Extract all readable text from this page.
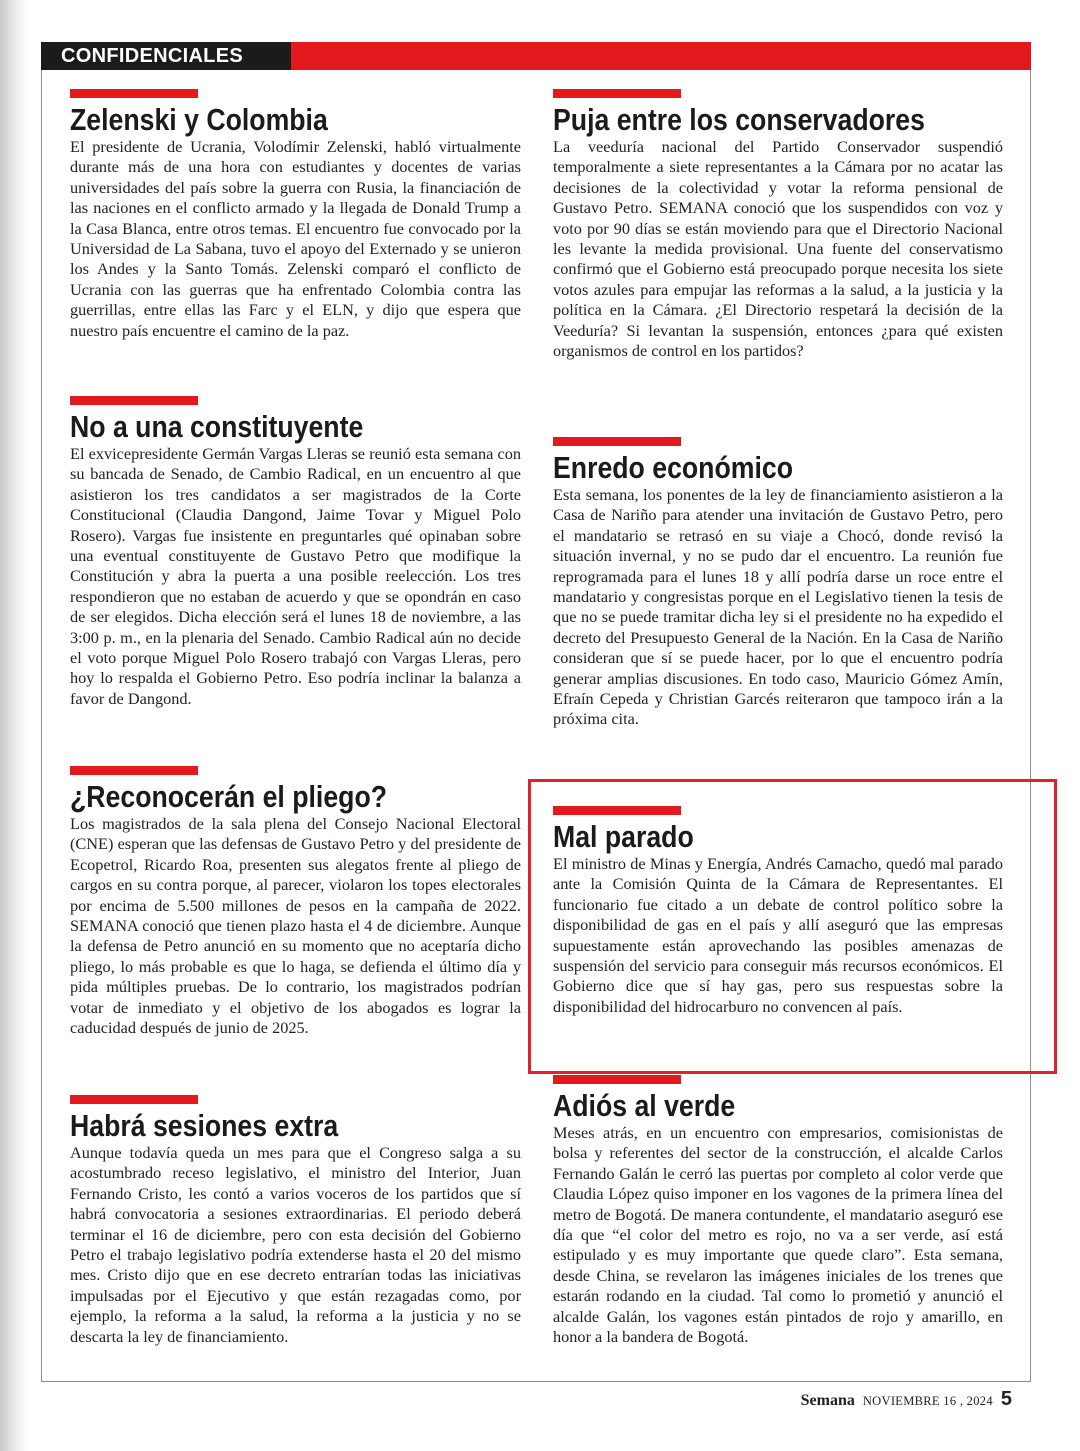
CONFIDENCIALES
Zelenski y Colombia

El presidente de Ucrania, Volodímir Zelenski, habló virtualmente durante más de una hora con estudiantes y docentes de varias universidades del país sobre la guerra con Rusia, la financiación de las naciones en el conflicto armado y la llegada de Donald Trump a la Casa Blanca, entre otros temas. El encuentro fue convocado por la Universidad de La Sabana, tuvo el apoyo del Externado y se unieron los Andes y la Santo Tomás. Zelenski comparó el conflicto de Ucrania con las guerras que ha enfrentado Colombia contra las guerrillas, entre ellas las Farc y el ELN, y dijo que espera que nuestro país encuentre el camino de la paz.

No a una constituyente

El exvicepresidente Germán Vargas Lleras se reunió esta semana con su bancada de Senado, de Cambio Radical, en un encuentro al que asistieron los tres candidatos a ser magistrados de la Corte Constitucional (Claudia Dangond, Jaime Tovar y Miguel Polo Rosero). Vargas fue insistente en preguntarles qué opinaban sobre una eventual constituyente de Gustavo Petro que modifique la Constitución y abra la puerta a una posible reelección. Los tres respondieron que no estaban de acuerdo y que se opondrán en caso de ser elegidos. Dicha elección será el lunes 18 de noviembre, a las 3:00 p. m., en la plenaria del Senado. Cambio Radical aún no decide el voto porque Miguel Polo Rosero trabajó con Vargas Lleras, pero hoy lo respalda el Gobierno Petro. Eso podría inclinar la balanza a favor de Dangond.

¿Reconocerán el pliego?

Los magistrados de la sala plena del Consejo Nacional Electoral (CNE) esperan que las defensas de Gustavo Petro y del presidente de Ecopetrol, Ricardo Roa, presenten sus alegatos frente al pliego de cargos en su contra porque, al parecer, violaron los topes electorales por encima de 5.500 millones de pesos en la campaña de 2022. SEMANA conoció que tienen plazo hasta el 4 de diciembre. Aunque la defensa de Petro anunció en su momento que no aceptaría dicho pliego, lo más probable es que lo haga, se defienda el último día y pida múltiples pruebas. De lo contrario, los magistrados podrían votar de inmediato y el objetivo de los abogados es lograr la caducidad después de junio de 2025.

Habrá sesiones extra

Aunque todavía queda un mes para que el Congreso salga a su acostumbrado receso legislativo, el ministro del Interior, Juan Fernando Cristo, les contó a varios voceros de los partidos que sí habrá convocatoria a sesiones extraordinarias. El periodo deberá terminar el 16 de diciembre, pero con esta decisión del Gobierno Petro el trabajo legislativo podría extenderse hasta el 20 del mismo mes. Cristo dijo que en ese decreto entrarían todas las iniciativas impulsadas por el Ejecutivo y que están rezagadas como, por ejemplo, la reforma a la salud, la reforma a la justicia y no se descarta la ley de financiamiento.

Puja entre los conservadores

La veeduría nacional del Partido Conservador suspendió temporalmente a siete representantes a la Cámara por no acatar las decisiones de la colectividad y votar la reforma pensional de Gustavo Petro. SEMANA conoció que los suspendidos con voz y voto por 90 días se están moviendo para que el Directorio Nacional les levante la medida provisional. Una fuente del conservatismo confirmó que el Gobierno está preocupado porque necesita los siete votos azules para empujar las reformas a la salud, a la justicia y la política en la Cámara. ¿El Directorio respetará la decisión de la Veeduría? Si levantan la suspensión, entonces ¿para qué existen organismos de control en los partidos?

Enredo económico

Esta semana, los ponentes de la ley de financiamiento asistieron a la Casa de Nariño para atender una invitación de Gustavo Petro, pero el mandatario se retrasó en su viaje a Chocó, donde revisó la situación invernal, y no se pudo dar el encuentro. La reunión fue reprogramada para el lunes 18 y allí podría darse un roce entre el mandatario y congresistas porque en el Legislativo tienen la tesis de que no se puede tramitar dicha ley si el presidente no ha expedido el decreto del Presupuesto General de la Nación. En la Casa de Nariño consideran que sí se puede hacer, por lo que el encuentro podría generar amplias discusiones. En todo caso, Mauricio Gómez Amín, Efraín Cepeda y Christian Garcés reiteraron que tampoco irán a la próxima cita.

Mal parado

El ministro de Minas y Energía, Andrés Camacho, quedó mal parado ante la Comisión Quinta de la Cámara de Representantes. El funcionario fue citado a un debate de control político sobre la disponibilidad de gas en el país y allí aseguró que las empresas supuestamente están aprovechando las posibles amenazas de suspensión del servicio para conseguir más recursos económicos. El Gobierno dice que sí hay gas, pero sus respuestas sobre la disponibilidad del hidrocarburo no convencen al país.

Adiós al verde

Meses atrás, en un encuentro con empresarios, comisionistas de bolsa y referentes del sector de la construcción, el alcalde Carlos Fernando Galán le cerró las puertas por completo al color verde que Claudia López quiso imponer en los vagones de la primera línea del metro de Bogotá. De manera contundente, el mandatario aseguró ese día que “el color del metro es rojo, no va a ser verde, así está estipulado y es muy importante que quede claro”. Esta semana, desde China, se revelaron las imágenes iniciales de los trenes que estarán rodando en la ciudad. Tal como lo prometió y anunció el alcalde Galán, los vagones están pintados de rojo y amarillo, en honor a la bandera de Bogotá.

Semana NOVIEMBRE 16 , 2024 5
